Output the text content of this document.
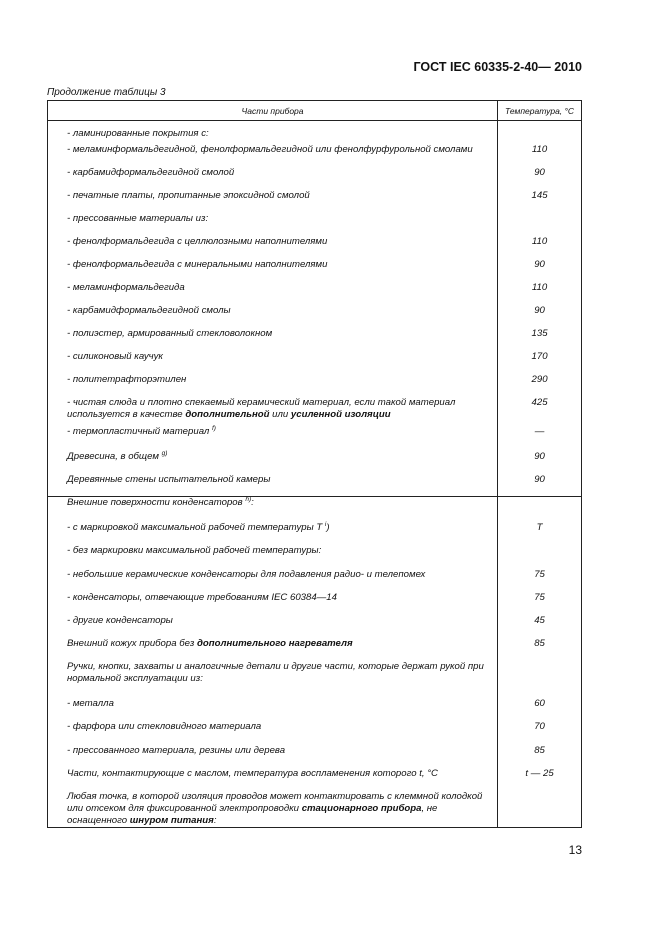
ГОСТ IEC 60335-2-40— 2010
Продолжение таблицы 3
Части прибора	Температура, °С
- ламинированные покрытия с:	
- меламинформальдегидной, фенолформальдегидной или фенолфурфурольной смолами	110
- карбамидформальдегидной смолой	90
- печатные платы, пропитанные эпоксидной смолой	145
- прессованные материалы из:	
- фенолформальдегида с целлюлозными наполнителями	110
- фенолформальдегида с минеральными наполнителями	90
- меламинформальдегида	110
- карбамидформальдегидной смолы	90
- полиэстер, армированный стекловолокном	135
- силиконовый каучук	170
- политетрафторэтилен	290
- чистая слюда и плотно спекаемый керамический материал, если такой материал используется в качестве дополнительной или усиленной изоляции	425
- термопластичный материал $^{f)}$	—
Древесина, в общем $^{g)}$	90
Деревянные стены испытательной камеры	90
Внешние поверхности конденсаторов $^{h)}$:	
- с маркировкой максимальной рабочей температуры T $^i$)	T
- без маркировки максимальной рабочей температуры:	
- небольшие керамические конденсаторы для подавления радио- и телепомех	75
- конденсаторы, отвечающие требованиям IEC 60384—14	75
- другие конденсаторы	45
Внешний кожух прибора без дополнительного нагревателя	85
Ручки, кнопки, захваты и аналогичные детали и другие части, которые держат рукой при нормальной эксплуатации из:	
- металла	60
- фарфора или стекловидного материала	70
- прессованного материала, резины или дерева	85
Части, контактирующие с маслом, температура воспламенения которого t, °С	t — 25
Любая точка, в которой изоляция проводов может контактировать с клеммной колодкой или отсеком для фиксированной электропроводки стационарного прибора, не оснащенного шнуром питания:	
13
